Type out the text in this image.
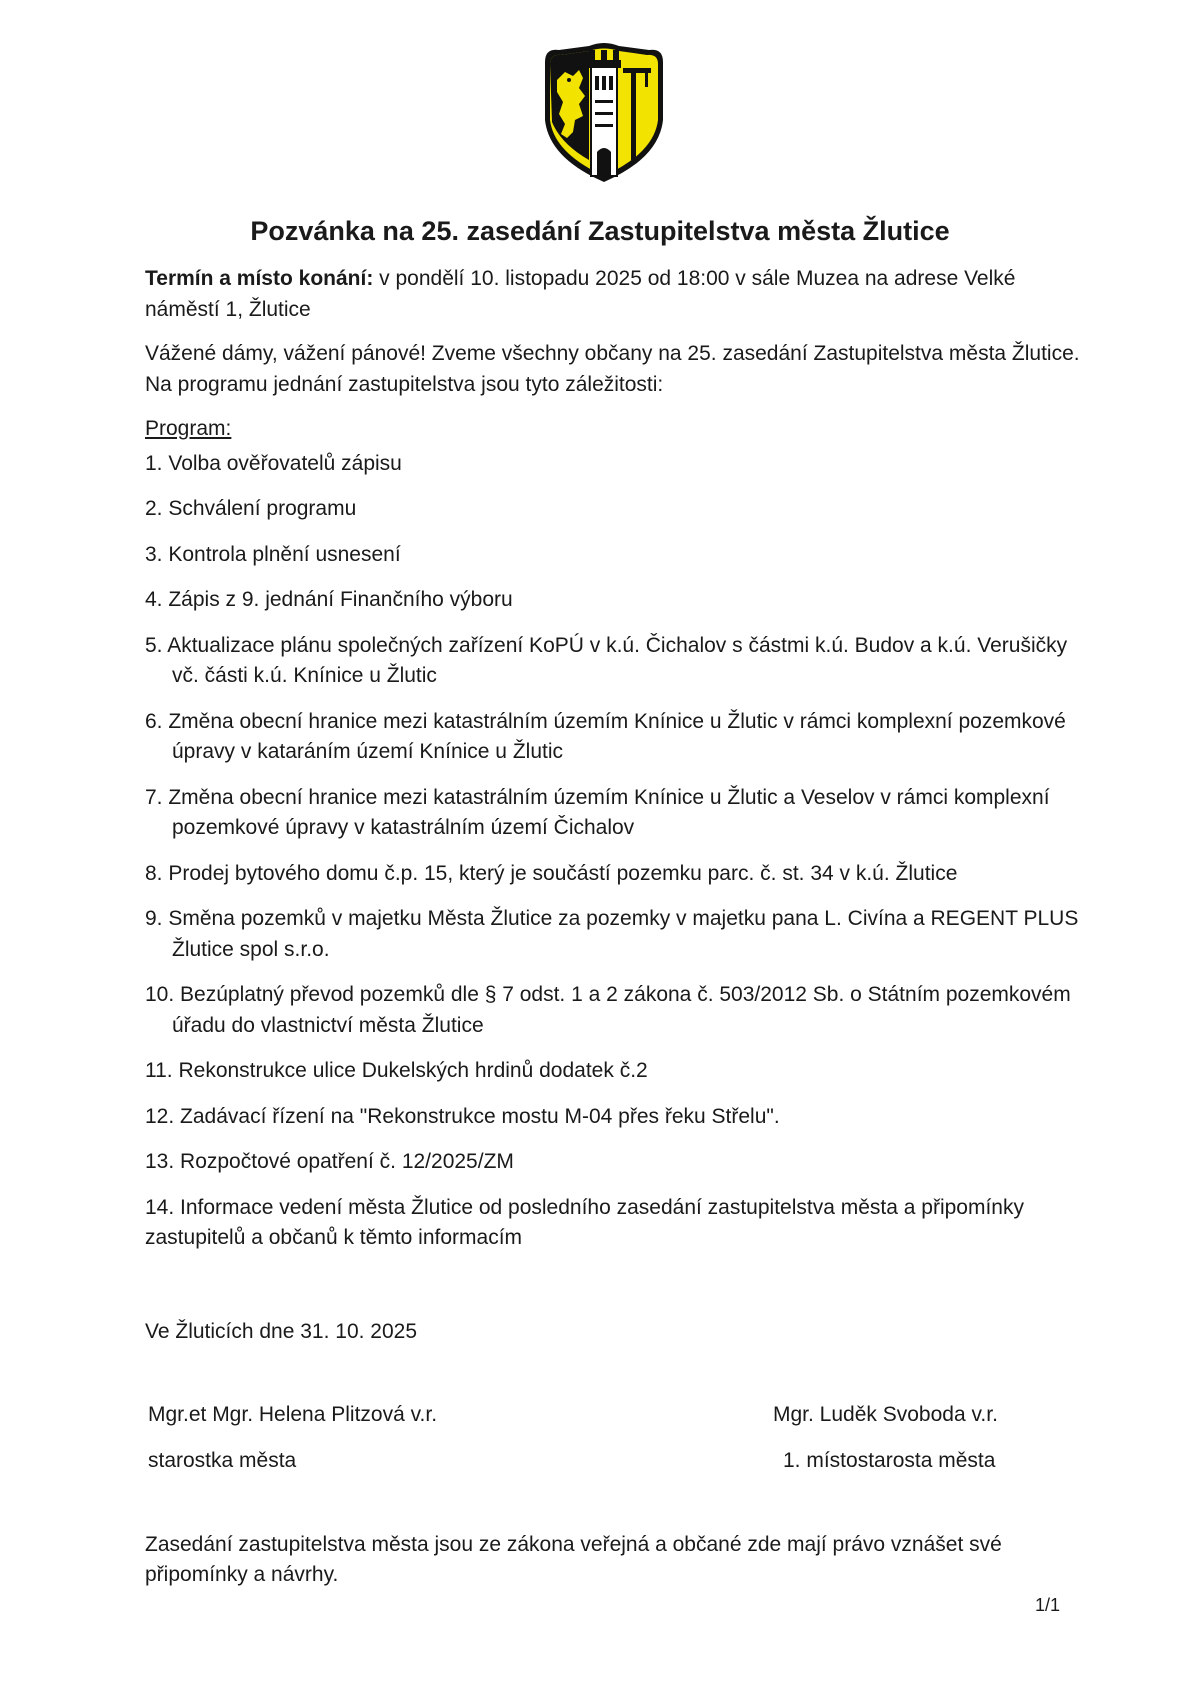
Pozvánka na 25. zasedání Zastupitelstva města Žlutice

Termín a místo konání: v pondělí 10. listopadu 2025 od 18:00 v sále Muzea na adrese Velké náměstí 1, Žlutice

Vážené dámy, vážení pánové! Zveme všechny občany na 25. zasedání Zastupitelstva města Žlutice. Na programu jednání zastupitelstva jsou tyto záležitosti:

Program:

1. Volba ověřovatelů zápisu
2. Schválení programu
3. Kontrola plnění usnesení
4. Zápis z 9. jednání Finančního výboru
5. Aktualizace plánu společných zařízení KoPÚ v k.ú. Čichalov s částmi k.ú. Budov a k.ú. Verušičky vč. části k.ú. Knínice u Žlutic
6. Změna obecní hranice mezi katastrálním územím Knínice u Žlutic v rámci komplexní pozemkové úpravy v kataráním území Knínice u Žlutic
7. Změna obecní hranice mezi katastrálním územím Knínice u Žlutic a Veselov v rámci komplexní pozemkové úpravy v katastrálním území Čichalov
8. Prodej bytového domu č.p. 15, který je součástí pozemku parc. č. st. 34 v k.ú. Žlutice
9. Směna pozemků v majetku Města Žlutice za pozemky v majetku pana L. Civína a REGENT PLUS Žlutice spol s.r.o.
10. Bezúplatný převod pozemků dle § 7 odst. 1 a 2 zákona č. 503/2012 Sb. o Státním pozemkovém úřadu do vlastnictví města Žlutice
11. Rekonstrukce ulice Dukelských hrdinů dodatek č.2
12. Zadávací řízení na "Rekonstrukce mostu M-04 přes řeku Střelu".
13. Rozpočtové opatření č. 12/2025/ZM
14. Informace vedení města Žlutice od posledního zasedání zastupitelstva města a připomínky zastupitelů a občanů k těmto informacím
Ve Žluticích dne 31. 10. 2025
Mgr.et Mgr. Helena Plitzová v.r.
starostka města
Mgr. Luděk Svoboda v.r.
1. místostarosta města
Zasedání zastupitelstva města jsou ze zákona veřejná a občané zde mají právo vznášet své připomínky a návrhy.
1/1
